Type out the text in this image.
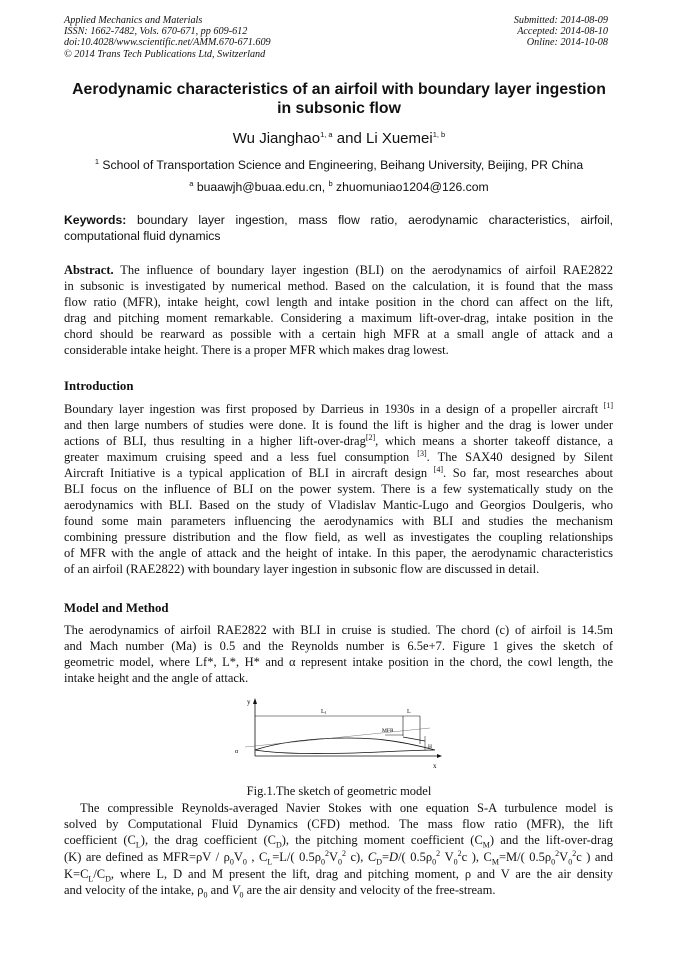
Applied Mechanics and Materials
ISSN: 1662-7482, Vols. 670-671, pp 609-612
doi:10.4028/www.scientific.net/AMM.670-671.609
© 2014 Trans Tech Publications Ltd, Switzerland
Submitted: 2014-08-09
Accepted: 2014-08-10
Online: 2014-10-08
Aerodynamic characteristics of an airfoil with boundary layer ingestion
in subsonic flow
Wu Jianghao$^{1, a}$ and Li Xuemei$^{1, b}$
$^1$ School of Transportation Science and Engineering, Beihang University, Beijing, PR China
$^a$ buaawjh@buaa.edu.cn, $^b$ zhuomuniao1204@126.com
Keywords: boundary layer ingestion, mass flow ratio, aerodynamic characteristics, airfoil, computational fluid dynamics
Abstract. The influence of boundary layer ingestion (BLI) on the aerodynamics of airfoil RAE2822
in subsonic is investigated by numerical method. Based on the calculation, it is found that the mass
flow ratio (MFR), intake height, cowl length and intake position in the chord can affect on the lift,
drag and pitching moment remarkable. Considering a maximum lift-over-drag, intake position in the
chord should be rearward as possible with a certain high MFR at a small angle of attack and a
considerable intake height. There is a proper MFR which makes drag lowest.
Introduction
Boundary layer ingestion was first proposed by Darrieus in 1930s in a design of a propeller aircraft [1]
and then large numbers of studies were done. It is found the lift is higher and the drag is lower under
actions of BLI, thus resulting in a higher lift-over-drag[2], which means a shorter takeoff distance, a
greater maximum cruising speed and a less fuel consumption [3]. The SAX40 designed by Silent
Aircraft Initiative is a typical application of BLI in aircraft design [4]. So far, most researches about
BLI focus on the influence of BLI on the power system. There is a few systematically study on the
aerodynamics with BLI. Based on the study of Vladislav Mantic-Lugo and Georgios Doulgeris, who
found some main parameters influencing the aerodynamics with BLI and studies the mechanism
combining pressure distribution and the flow field, as well as investigates the coupling relationships
of MFR with the angle of attack and the height of intake. In this paper, the aerodynamic characteristics
of an airfoil (RAE2822) with boundary layer ingestion in subsonic flow are discussed in detail.
Model and Method
The aerodynamics of airfoil RAE2822 with BLI in cruise is studied. The chord (c) of airfoil is 14.5m
and Mach number (Ma) is 0.5 and the Reynolds number is 6.5e+7. Figure 1 gives the sketch of
geometric model, where Lf*, L*, H* and α represent intake position in the chord, the cowl length, the
intake height and the angle of attack.
y
x
Lf	L
MFR
H
α
Fig.1.The sketch of geometric model
The compressible Reynolds-averaged Navier Stokes with one equation S-A turbulence model is
solved by Computational Fluid Dynamics (CFD) method. The mass flow ratio (MFR), the lift
coefficient $(C_L)$, the drag coefficient $(C_D)$, the pitching moment coefficient $(C_M)$ and the lift-over-drag
(K) are defined as $MFR=\rho V / \rho_0V_0$ , $C_L=L/$( $0.5\rho_0^2V_0^2$ c), $C_D=D/$( $0.5\rho_0^2$ $V_0^2c$ ), $C_M=M/$( $0.5\rho_0^2V_0^2c$ ) and
$K=C_L/C_D$, where L, D and M present the lift, drag and pitching moment, ρ and V are the air density
and velocity of the intake, $\rho_0$ and $V_0$ are the air density and velocity of the free-stream.
